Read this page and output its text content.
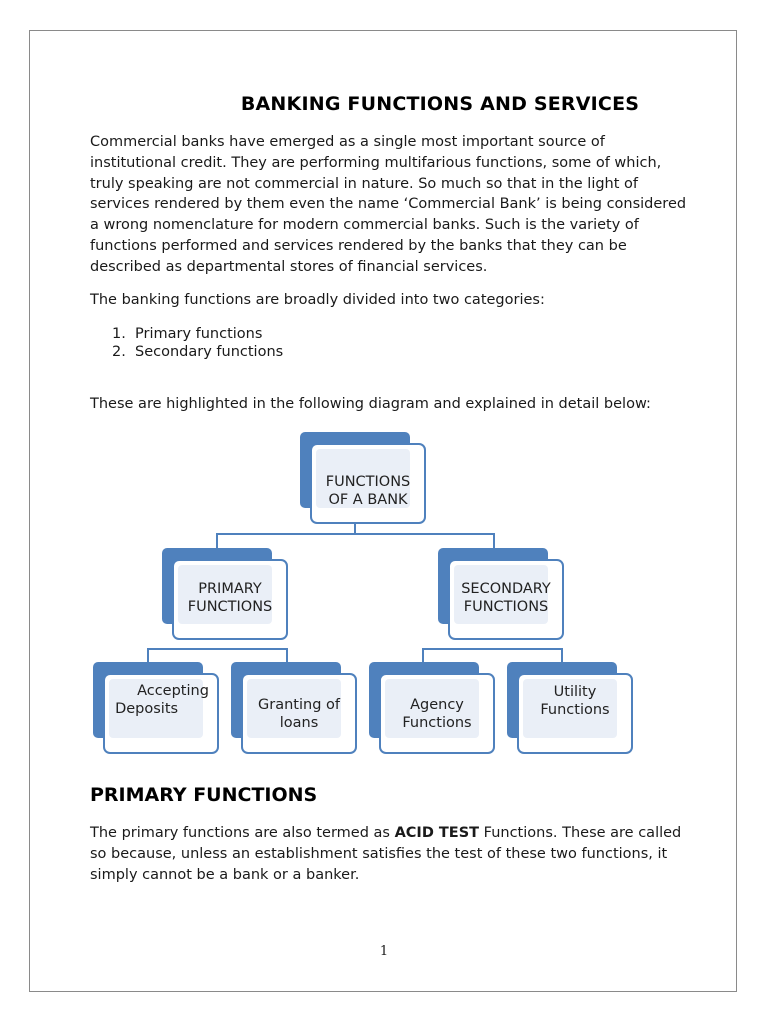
BANKING FUNCTIONS AND SERVICES

Commercial banks have emerged as a single most important source of institutional credit. They are performing multifarious functions, some of which, truly speaking are not commercial in nature. So much so that in the light of services rendered by them even the name ‘Commercial Bank’ is being considered a wrong nomenclature for modern commercial banks. Such is the variety of functions performed and services rendered by the banks that they can be described as departmental stores of financial services.

The banking functions are broadly divided into two categories:

1. Primary functions
2. Secondary functions

These are highlighted in the following diagram and explained in detail below:

FUNCTIONS
OF A BANK
PRIMARY
FUNCTIONS
SECONDARY
FUNCTIONS
Accepting
Deposits	Granting of
loans
Agency
Functions
Utility
Functions
PRIMARY FUNCTIONS

The primary functions are also termed as ACID TEST Functions. These are called so because, unless an establishment satisfies the test of these two functions, it simply cannot be a bank or a banker.

1
